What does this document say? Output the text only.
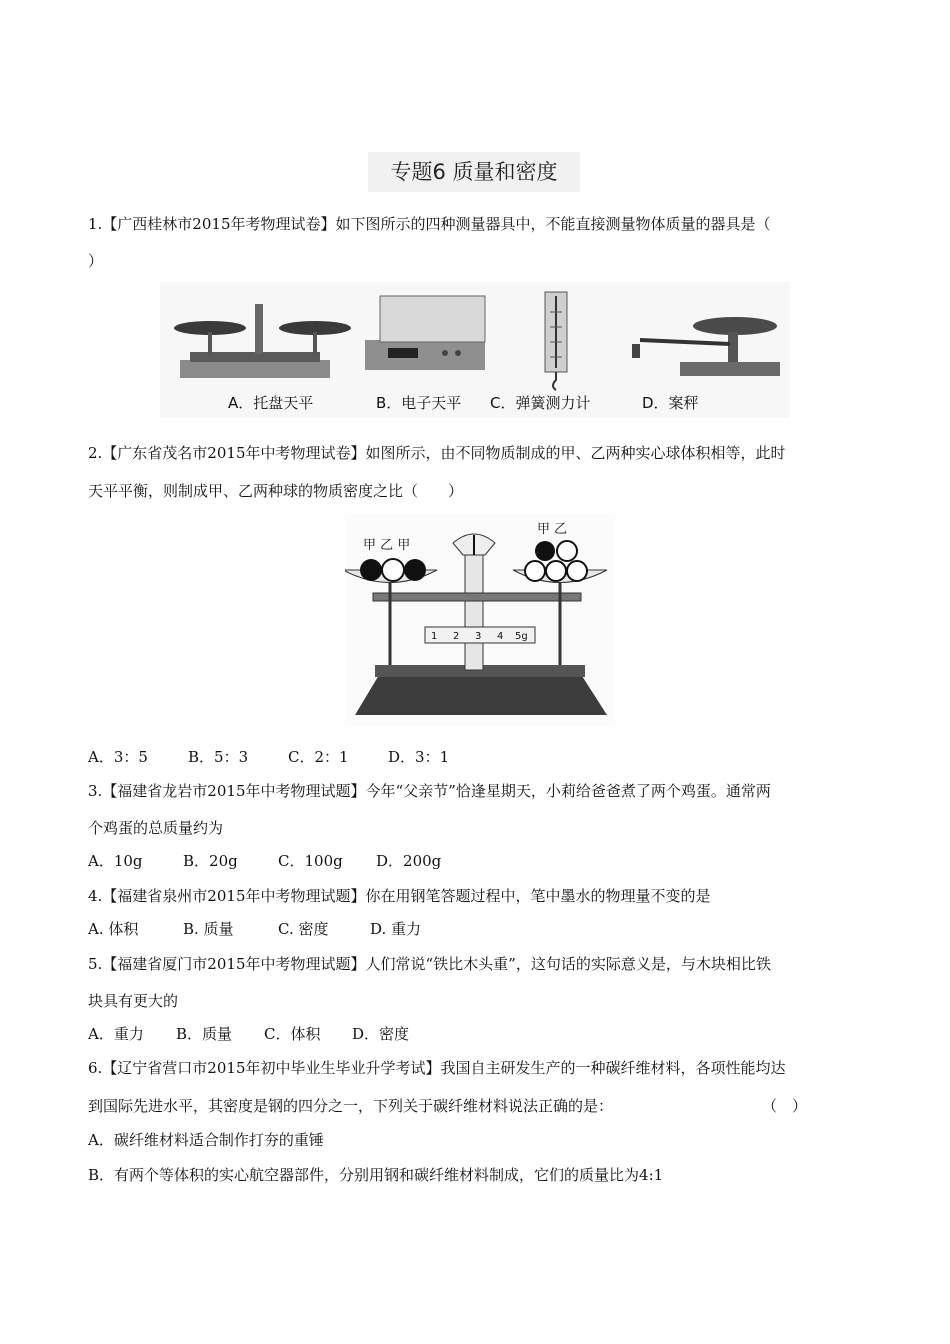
专题6 质量和密度
1.【广西桂林市2015年考物理试卷】如下图所示的四种测量器具中，不能直接测量物体质量的器具是（
）
A．托盘天平	B．电子天平 C．弹簧测力计	D．案秤
2.【广东省茂名市2015年中考物理试卷】如图所示，由不同物质制成的甲、乙两种实心球体积相等，此时
天平平衡，则制成甲、乙两种球的物质密度之比（　　）
甲 乙 甲
甲 乙
1 2 3 4 5g
A．3：5	B．5：3	C．2：1	D．3：1
3.【福建省龙岩市2015年中考物理试题】今年“父亲节”恰逢星期天，小莉给爸爸煮了两个鸡蛋。通常两
个鸡蛋的总质量约为
A．10g	B．20g	C．100g D．200g
4.【福建省泉州市2015年中考物理试题】你在用钢笔答题过程中，笔中墨水的物理量不变的是
A. 体积	B. 质量	C. 密度	D. 重力
5.【福建省厦门市2015年中考物理试题】人们常说“铁比木头重”，这句话的实际意义是，与木块相比铁
块具有更大的
A．重力 B．质量 C．体积 D．密度
6.【辽宁省营口市2015年初中毕业生毕业升学考试】我国自主研发生产的一种碳纤维材料，各项性能均达
到国际先进水平，其密度是钢的四分之一，下列关于碳纤维材料说法正确的是：	（　）
A．碳纤维材料适合制作打夯的重锤
B．有两个等体积的实心航空器部件，分别用钢和碳纤维材料制成，它们的质量比为4:1
